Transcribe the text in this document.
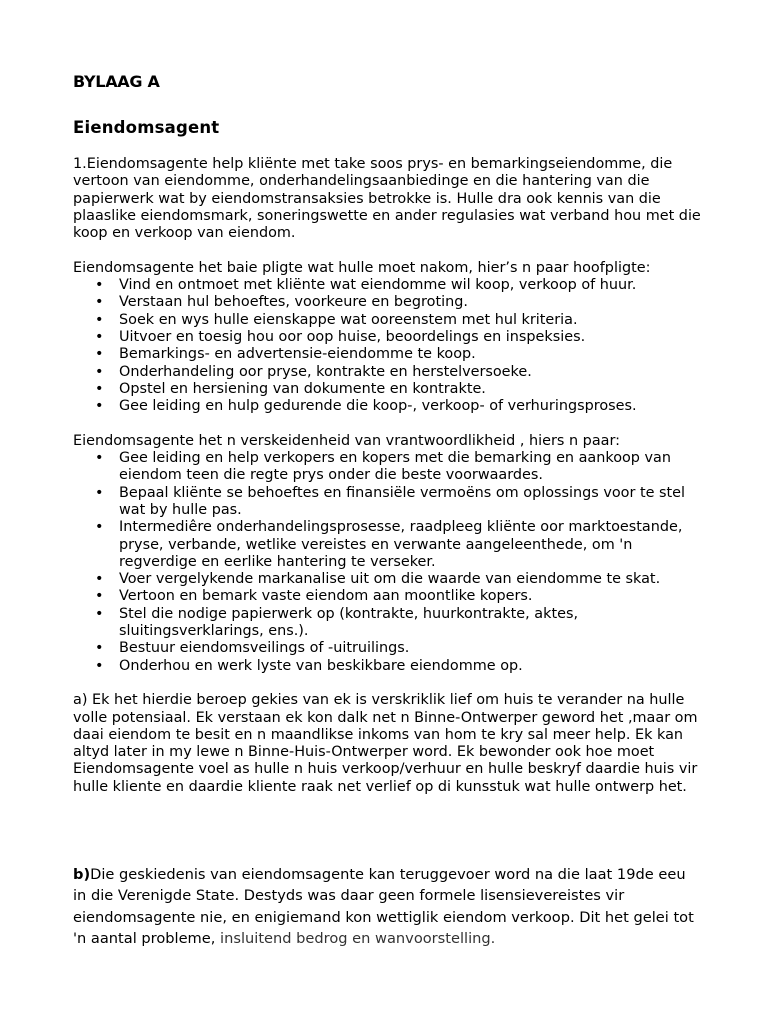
BYLAAG A
Eiendomsagent

1.Eiendomsagente help kliënte met take soos prys- en bemarkingseiendomme, die vertoon van eiendomme, onderhandelingsaanbiedinge en die hantering van die papierwerk wat by eiendomstransaksies betrokke is. Hulle dra ook kennis van die plaaslike eiendomsmark, soneringswette en ander regulasies wat verband hou met die koop en verkoop van eiendom.

Eiendomsagente het baie pligte wat hulle moet nakom, hier’s n paar hoofpligte:

• Vind en ontmoet met kliënte wat eiendomme wil koop, verkoop of huur.
• Verstaan hul behoeftes, voorkeure en begroting.
• Soek en wys hulle eienskappe wat ooreenstem met hul kriteria.
• Uitvoer en toesig hou oor oop huise, beoordelings en inspeksies.
• Bemarkings- en advertensie-eiendomme te koop.
• Onderhandeling oor pryse, kontrakte en herstelversoeke.
• Opstel en hersiening van dokumente en kontrakte.
• Gee leiding en hulp gedurende die koop-, verkoop- of verhuringsproses.

Eiendomsagente het n verskeidenheid van vrantwoordlikheid , hiers n paar:

• Gee leiding en help verkopers en kopers met die bemarking en aankoop van eiendom teen die regte prys onder die beste voorwaardes.
• Bepaal kliënte se behoeftes en finansiële vermoëns om oplossings voor te stel wat by hulle pas.
• Intermediêre onderhandelingsprosesse, raadpleeg kliënte oor marktoestande, pryse, verbande, wetlike vereistes en verwante aangeleenthede, om 'n regverdige en eerlike hantering te verseker.
• Voer vergelykende markanalise uit om die waarde van eiendomme te skat.
• Vertoon en bemark vaste eiendom aan moontlike kopers.
• Stel die nodige papierwerk op (kontrakte, huurkontrakte, aktes, sluitingsverklarings, ens.).
• Bestuur eiendomsveilings of -uitruilings.
• Onderhou en werk lyste van beskikbare eiendomme op.

a) Ek het hierdie beroep gekies van ek is verskriklik lief om huis te verander na hulle volle potensiaal. Ek verstaan ek kon dalk net n Binne-Ontwerper geword het ,maar om daai eiendom te besit en n maandlikse inkoms van hom te kry sal meer help. Ek kan altyd later in my lewe n Binne-Huis-Ontwerper word. Ek bewonder ook hoe moet Eiendomsagente voel as hulle n huis verkoop/verhuur en hulle beskryf daardie huis vir hulle kliente en daardie kliente raak net verlief op di kunsstuk wat hulle ontwerp het.

b)Die geskiedenis van eiendomsagente kan teruggevoer word na die laat 19de eeu in die Verenigde State. Destyds was daar geen formele lisensievereistes vir eiendomsagente nie, en enigiemand kon wettiglik eiendom verkoop. Dit het gelei tot 'n aantal probleme, insluitend bedrog en wanvoorstelling.
